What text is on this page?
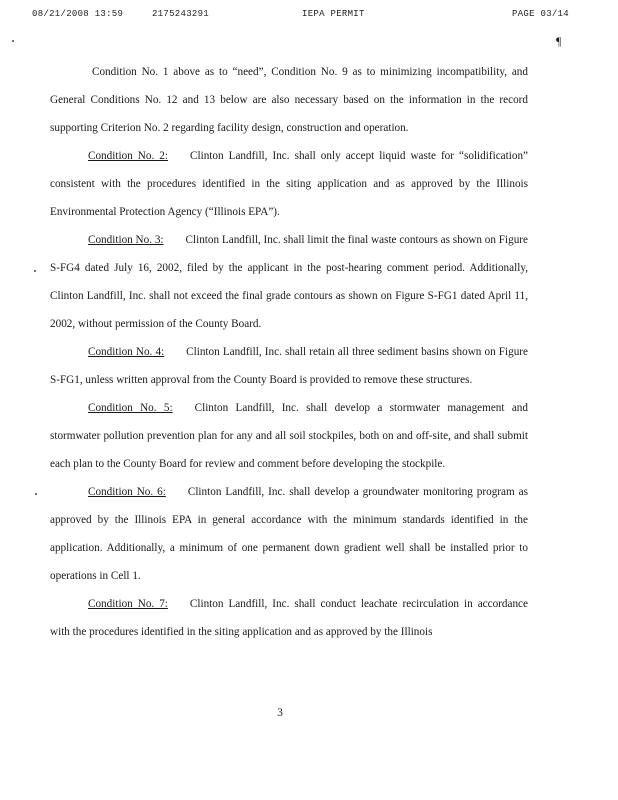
08/21/2008 13:59	2175243291	IEPA PERMIT	PAGE 03/14
¶

Condition No. 1 above as to “need”, Condition No. 9 as to minimizing incompatibility, and General Conditions No. 12 and 13 below are also necessary based on the information in the record supporting Criterion No. 2 regarding facility design, construction and operation.

Condition No. 2: Clinton Landfill, Inc. shall only accept liquid waste for “solidification” consistent with the procedures identified in the siting application and as approved by the Illinois Environmental Protection Agency (“Illinois EPA”).

Condition No. 3: Clinton Landfill, Inc. shall limit the final waste contours as shown on Figure S-FG4 dated July 16, 2002, filed by the applicant in the post-hearing comment period. Additionally, Clinton Landfill, Inc. shall not exceed the final grade contours as shown on Figure S-FG1 dated April 11, 2002, without permission of the County Board.

Condition No. 4: Clinton Landfill, Inc. shall retain all three sediment basins shown on Figure S-FG1, unless written approval from the County Board is provided to remove these structures.

Condition No. 5: Clinton Landfill, Inc. shall develop a stormwater management and stormwater pollution prevention plan for any and all soil stockpiles, both on and off-site, and shall submit each plan to the County Board for review and comment before developing the stockpile.

Condition No. 6: Clinton Landfill, Inc. shall develop a groundwater monitoring program as approved by the Illinois EPA in general accordance with the minimum standards identified in the application. Additionally, a minimum of one permanent down gradient well shall be installed prior to operations in Cell 1.

Condition No. 7: Clinton Landfill, Inc. shall conduct leachate recirculation in accordance with the procedures identified in the siting application and as approved by the Illinois

3
